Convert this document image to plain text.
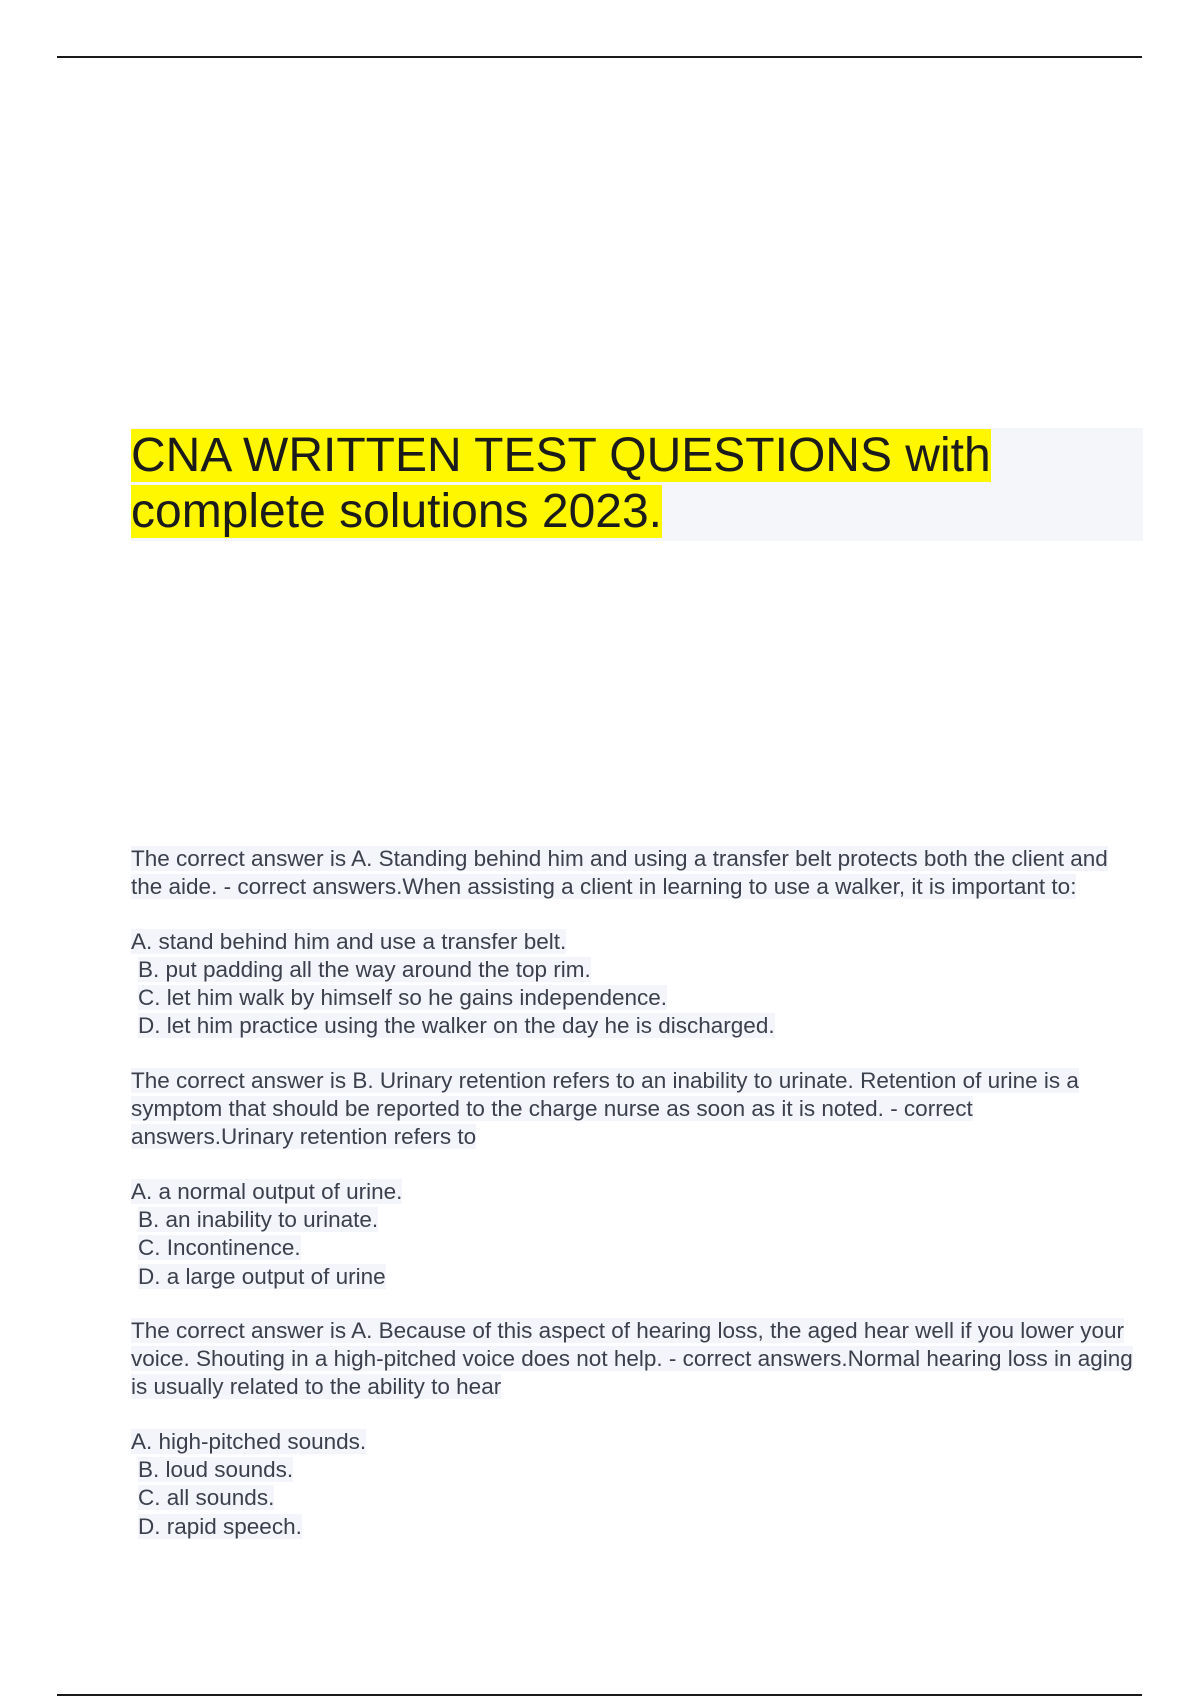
CNA WRITTEN TEST QUESTIONS with
complete solutions 2023.

The correct answer is A. Standing behind him and using a transfer belt protects both the client and the aide. - correct answers.When assisting a client in learning to use a walker, it is important to:

A. stand behind him and use a transfer belt.
B. put padding all the way around the top rim.
C. let him walk by himself so he gains independence.
D. let him practice using the walker on the day he is discharged.

The correct answer is B. Urinary retention refers to an inability to urinate. Retention of urine is a symptom that should be reported to the charge nurse as soon as it is noted. - correct answers.Urinary retention refers to

A. a normal output of urine.
B. an inability to urinate.
C. Incontinence.
D. a large output of urine

The correct answer is A. Because of this aspect of hearing loss, the aged hear well if you lower your voice. Shouting in a high-pitched voice does not help. - correct answers.Normal hearing loss in aging is usually related to the ability to hear

A. high-pitched sounds.
B. loud sounds.
C. all sounds.
D. rapid speech.
